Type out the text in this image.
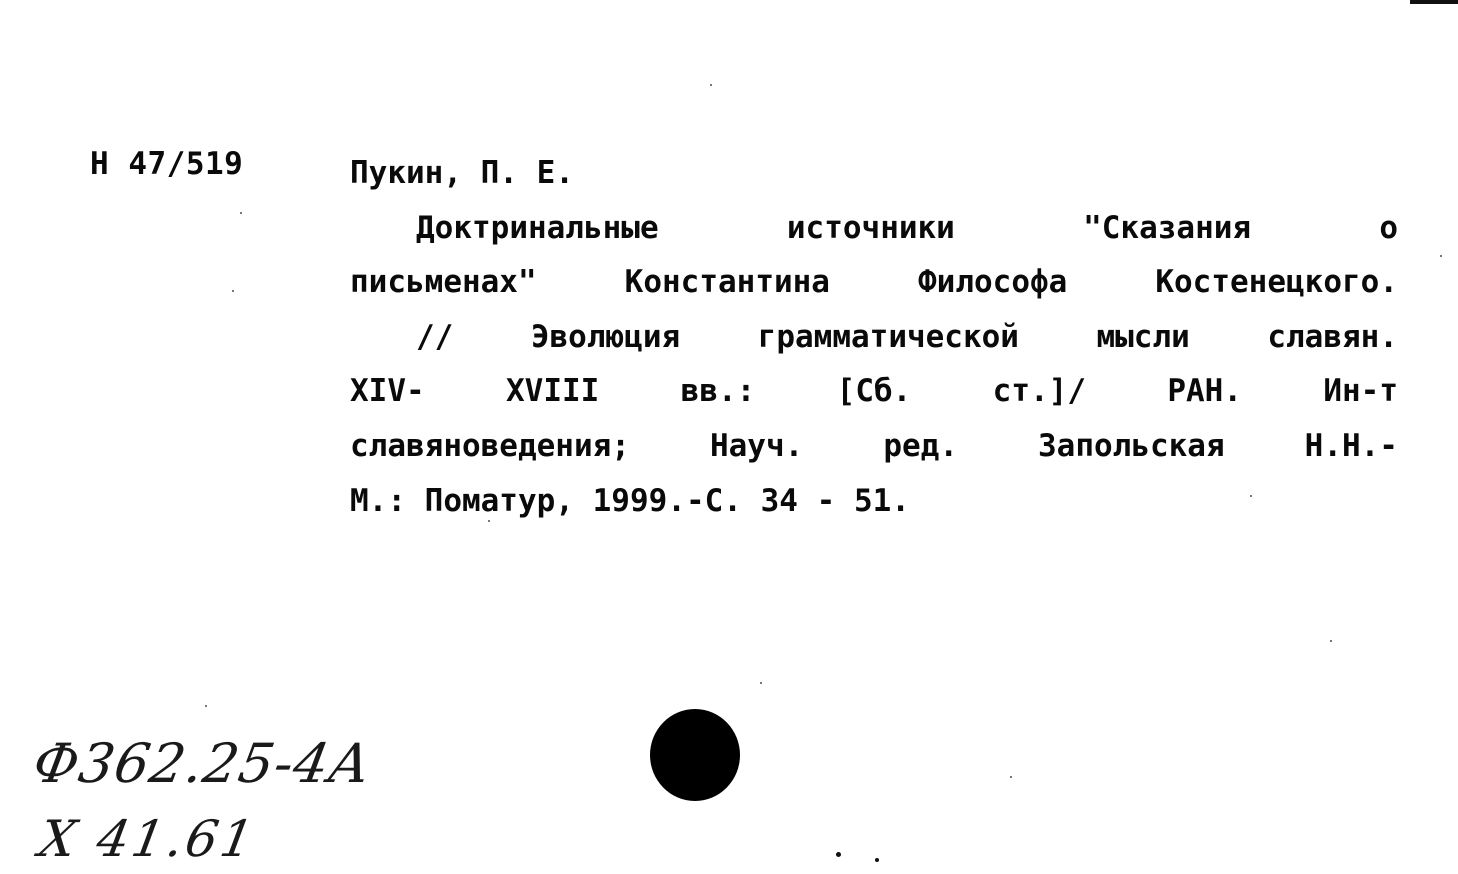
Н 47/519	Пукин, П. Е.
Доктринальные	источники	"Сказания	о
письменах"	Константина	Философа	Костенецкого.
//	Эволюция	грамматической	мысли	славян.
XIV-	XVIII	вв.:	[Сб.	ст.]/	РАН.	Ин-т
славяноведения;	Науч.	ред.	Запольская	Н.Н.-
М.: Поматур, 1999.-С. 34 - 51.
Ф362.25-4А
Х 41.61
